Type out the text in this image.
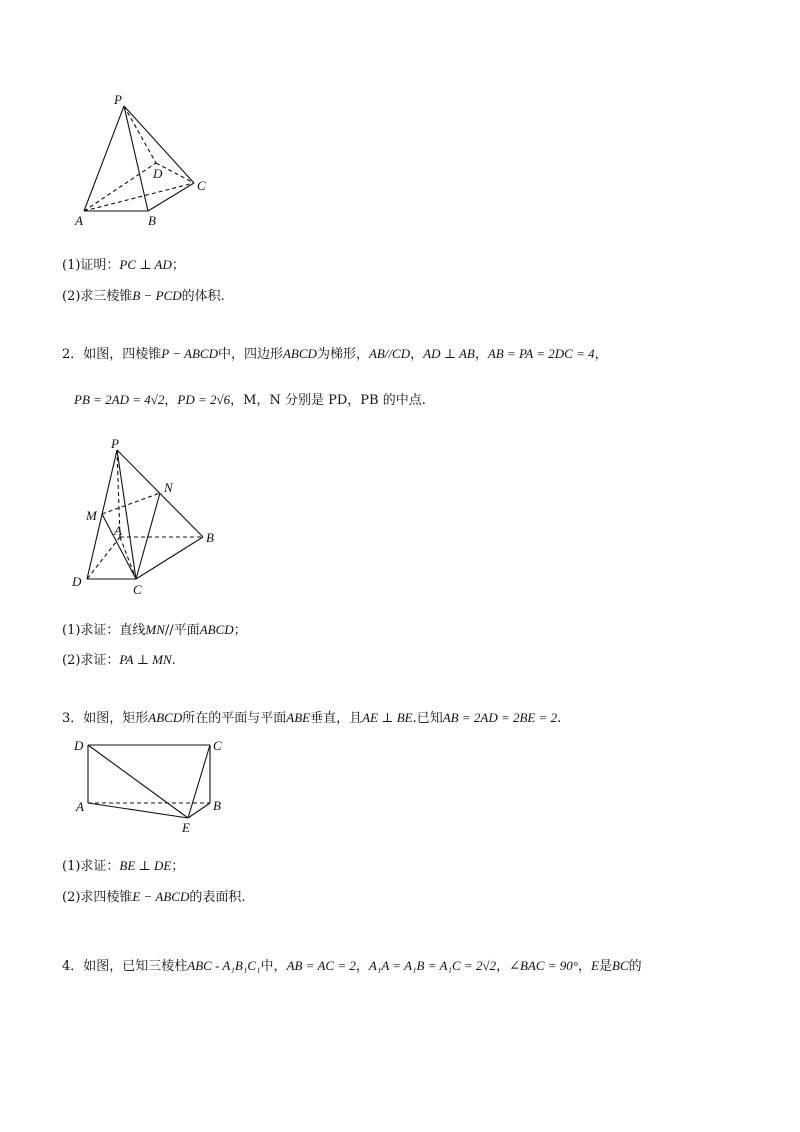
P
D
C
A	B
(1)证明：PC ⊥ AD；
(2)求三棱锥B − PCD的体积.
2．如图，四棱锥P − ABCD中，四边形ABCD为梯形，AB//CD，AD ⊥ AB，AB = PA = 2DC = 4，
PB = 2AD = 4√2，PD = 2√6，M，N 分别是 PD，PB 的中点.
P
N
M
A	B
D
C
(1)求证：直线MN//平面ABCD；
(2)求证：PA ⊥ MN.
3．如图，矩形ABCD所在的平面与平面ABE垂直，且AE ⊥ BE.已知AB = 2AD = 2BE = 2.
D	C
A	B
E
(1)求证：BE ⊥ DE；
(2)求四棱锥E − ABCD的表面积.
4．如图，已知三棱柱ABC - A₁B₁C₁中，AB = AC = 2，A₁A = A₁B = A₁C = 2√2，∠BAC = 90°，E是BC的
